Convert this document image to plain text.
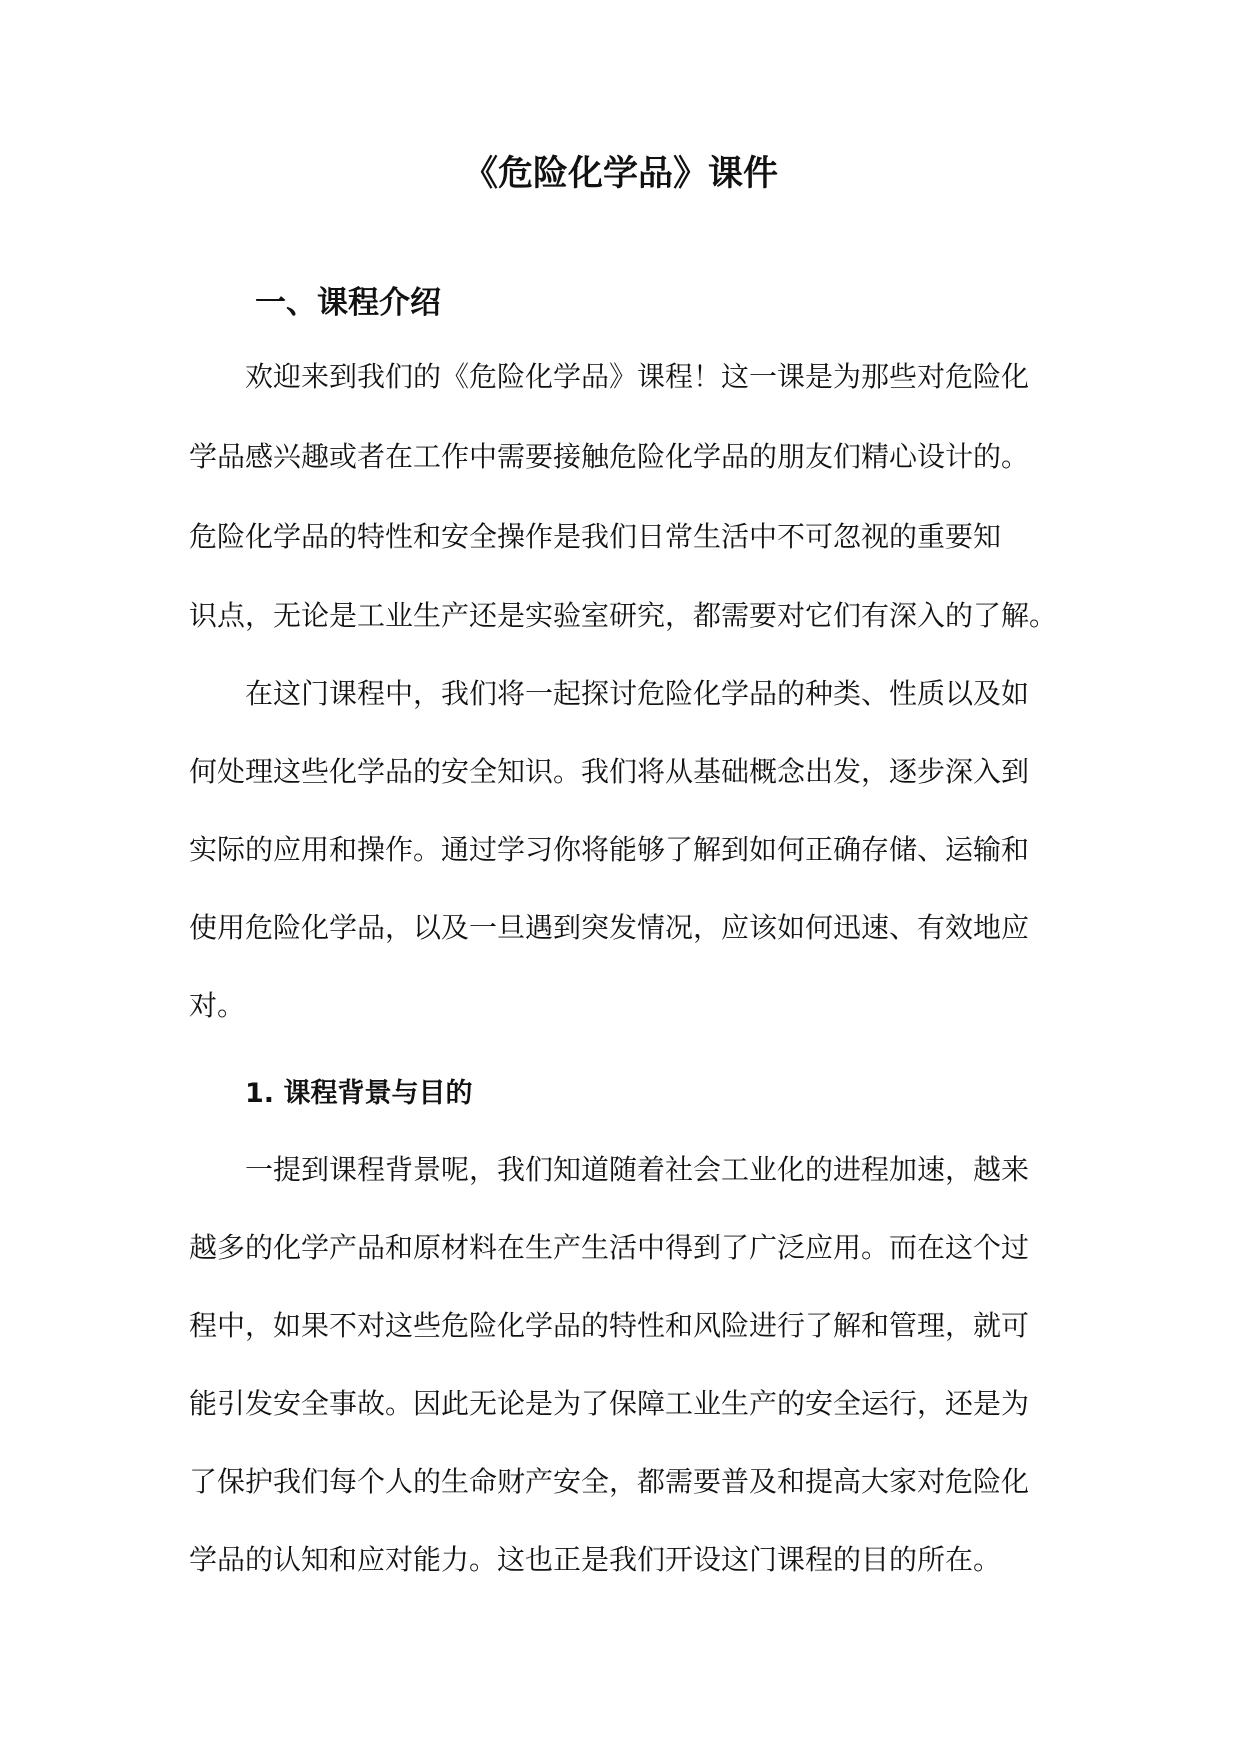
《危险化学品》课件
一、课程介绍

欢迎来到我们的《危险化学品》课程！这一课是为那些对危险化

学品感兴趣或者在工作中需要接触危险化学品的朋友们精心设计的。

危险化学品的特性和安全操作是我们日常生活中不可忽视的重要知

识点，无论是工业生产还是实验室研究，都需要对它们有深入的了解。

在这门课程中，我们将一起探讨危险化学品的种类、性质以及如

何处理这些化学品的安全知识。我们将从基础概念出发，逐步深入到

实际的应用和操作。通过学习你将能够了解到如何正确存储、运输和

使用危险化学品，以及一旦遇到突发情况，应该如何迅速、有效地应

对。

1. 课程背景与目的

一提到课程背景呢，我们知道随着社会工业化的进程加速，越来

越多的化学产品和原材料在生产生活中得到了广泛应用。而在这个过

程中，如果不对这些危险化学品的特性和风险进行了解和管理，就可

能引发安全事故。因此无论是为了保障工业生产的安全运行，还是为

了保护我们每个人的生命财产安全，都需要普及和提高大家对危险化

学品的认知和应对能力。这也正是我们开设这门课程的目的所在。
